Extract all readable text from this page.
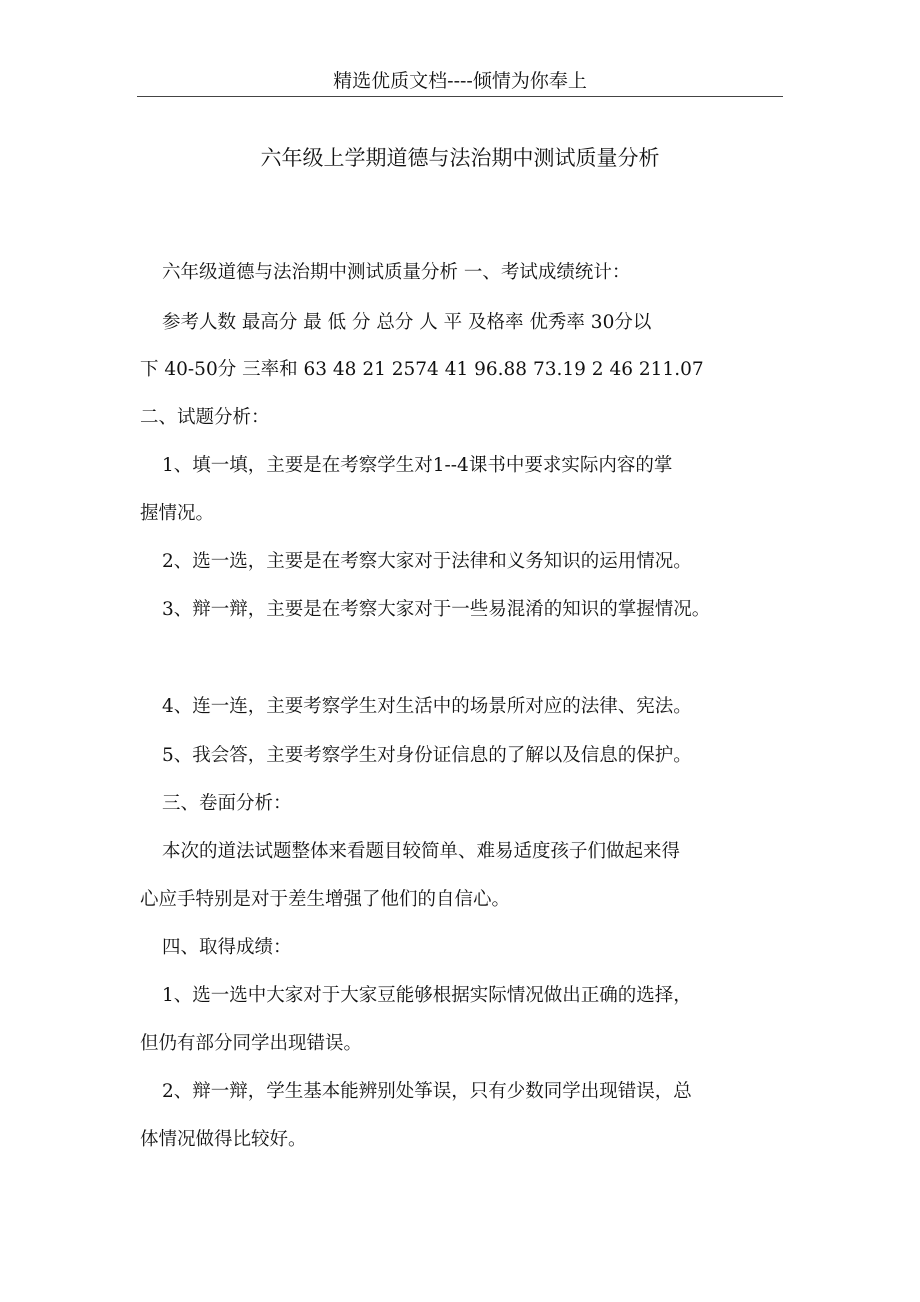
精选优质文档----倾情为你奉上
六年级上学期道德与法治期中测试质量分析
六年级道德与法治期中测试质量分析 一、考试成绩统计：
参考人数 最高分 最 低 分 总分 人 平 及格率 优秀率 30分以
下 40-50分 三率和 63 48 21 2574 41 96.88 73.19 2 46 211.07
二、试题分析：
1、填一填，主要是在考察学生对1--4课书中要求实际内容的掌
握情况。
2、选一选，主要是在考察大家对于法律和义务知识的运用情况。
3、辩一辩，主要是在考察大家对于一些易混淆的知识的掌握情况。
4、连一连，主要考察学生对生活中的场景所对应的法律、宪法。
5、我会答，主要考察学生对身份证信息的了解以及信息的保护。
三、卷面分析：
本次的道法试题整体来看题目较简单、难易适度孩子们做起来得
心应手特别是对于差生增强了他们的自信心。
四、取得成绩：
1、选一选中大家对于大家豆能够根据实际情况做出正确的选择，
但仍有部分同学出现错误。
2、辩一辩，学生基本能辨别处筝误，只有少数同学出现错误，总
体情况做得比较好。
